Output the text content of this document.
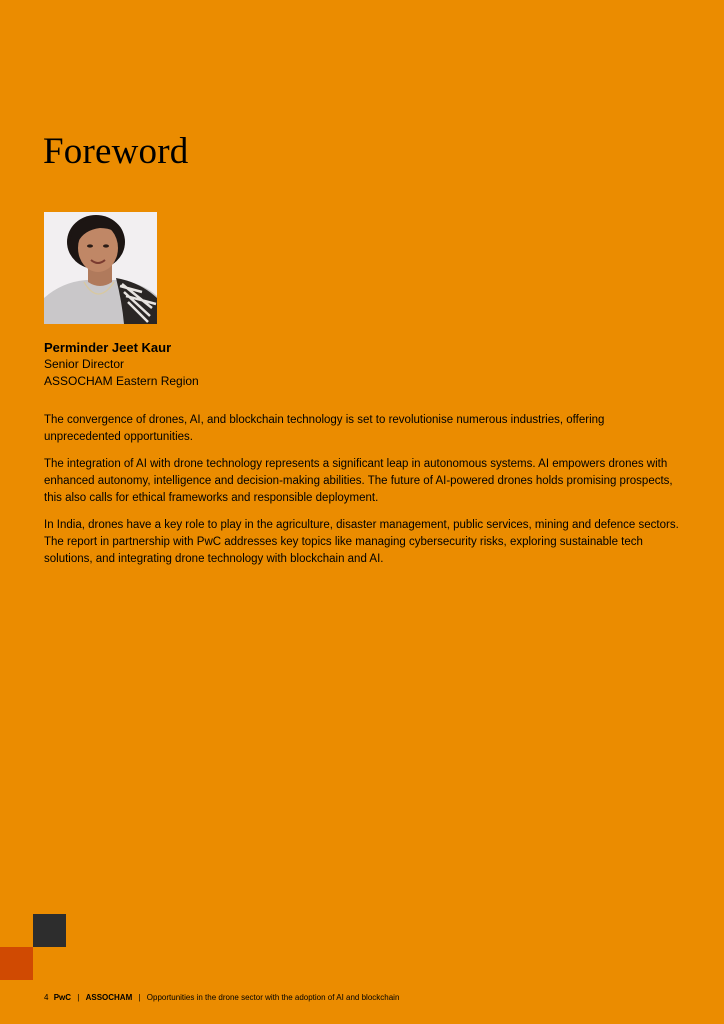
Foreword
Perminder Jeet Kaur
Senior Director
ASSOCHAM Eastern Region

The convergence of drones, AI, and blockchain technology is set to revolutionise numerous industries, offering unprecedented opportunities.

The integration of AI with drone technology represents a significant leap in autonomous systems. AI empowers drones with enhanced autonomy, intelligence and decision-making abilities. The future of AI-powered drones holds promising prospects, this also calls for ethical frameworks and responsible deployment.

In India, drones have a key role to play in the agriculture, disaster management, public services, mining and defence sectors. The report in partnership with PwC addresses key topics like managing cybersecurity risks, exploring sustainable tech solutions, and integrating drone technology with blockchain and AI.

4 PwC | ASSOCHAM | Opportunities in the drone sector with the adoption of AI and blockchain
